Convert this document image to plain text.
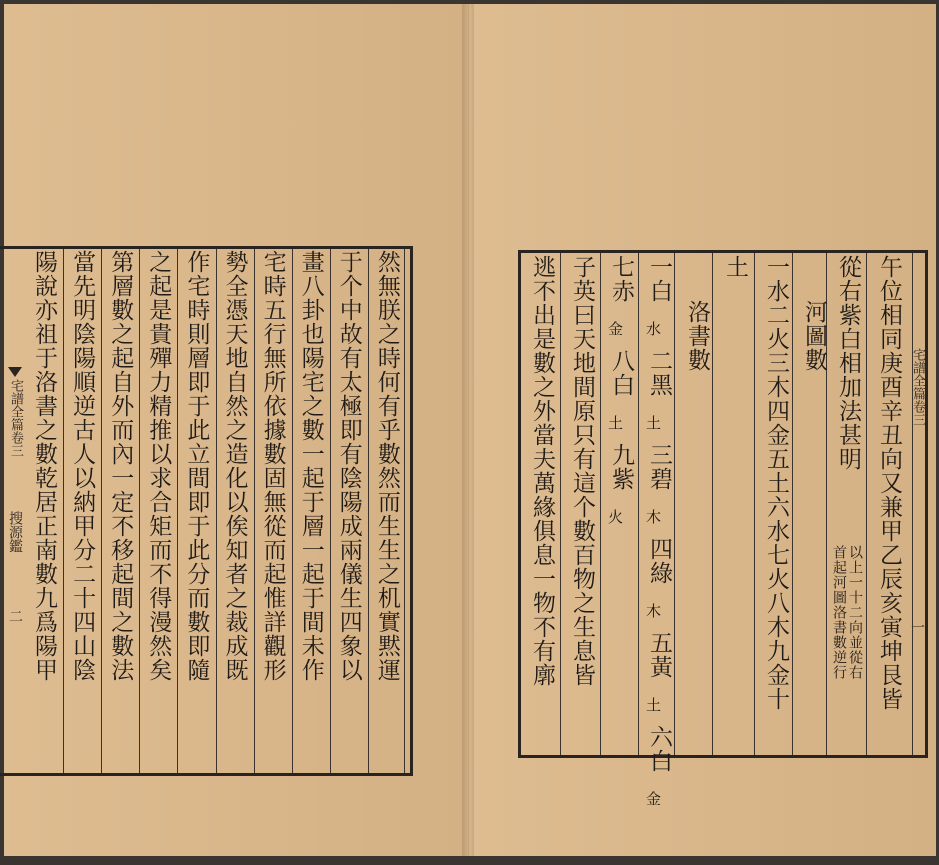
宅譜全篇卷三
搜源鑑
二	然無朕之時何有乎數然而生生之机實黙運
于个中故有太極即有陰陽成兩儀生四象以
畫八卦也陽宅之數一起于層一起于間未作
宅時五行無所依據數固無從而起惟詳觀形
勢全憑天地自然之造化以俟知者之裁成既
作宅時則層即于此立間即于此分而數即隨
之起是貴殫力精推以求合矩而不得漫然矣
第層數之起自外而內一定不移起間之數法
當先明陰陽順逆古人以納甲分二十四山陰
陽說亦祖于洛書之數乾居正南數九爲陽甲	宅譜全篇卷三
一
午位相同庚酉辛丑向又兼甲乙辰亥寅坤艮皆
從右紫白相加法甚明
以上一十二向並從右
首起河圖洛書數逆行
河圖數
一水二火三木四金五土六水七火八木九金十
土
洛書數
一白
水
二黑
土
三碧
木
四綠
木
五黃
土
六白
金
七赤
金
八白
土
九紫
火
子英曰天地間原只有這个數百物之生息皆
逃不出是數之外當夫萬緣俱息一物不有廓
